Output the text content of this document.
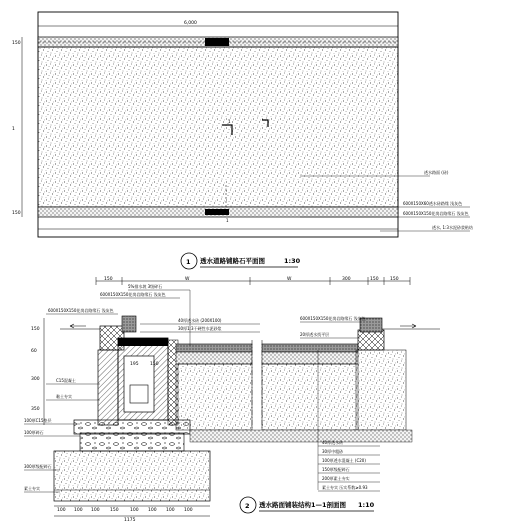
6,000
1
1
150
1
150
透水路面 (砖)
600X150X60透水砖路缘 浅灰色
600X150X150花岗岩路缘石 浅灰色
透水, 1:3水泥砂浆粘结
1 透水道路铺路石平面图	1:30
150	W	W	300	150	150
195	150
150
60
300
350
600X150X150花岗岩路缘石 浅灰色
C15混凝土
黏土夯实
100厚C15垫层
100厚碎石
300厚级配碎石
素土夯实
5%排水坡 3级碎石
600X150X150花岗岩路缘石 浅灰色
40厚透水砖 (200X100)
30厚1:3干硬性水泥砂浆
600X150X150花岗岩路缘石 浅灰色
20厚透水找平层
40厚透水砖
30厚中粗砂
100厚透水混凝土 (C20)
150厚级配碎石
200厚素土夯实
素土夯实 压实系数≥0.93
100 100 100 150	100 100 100 100
1175
2 透水路面铺装结构1—1剖面图 1:10
